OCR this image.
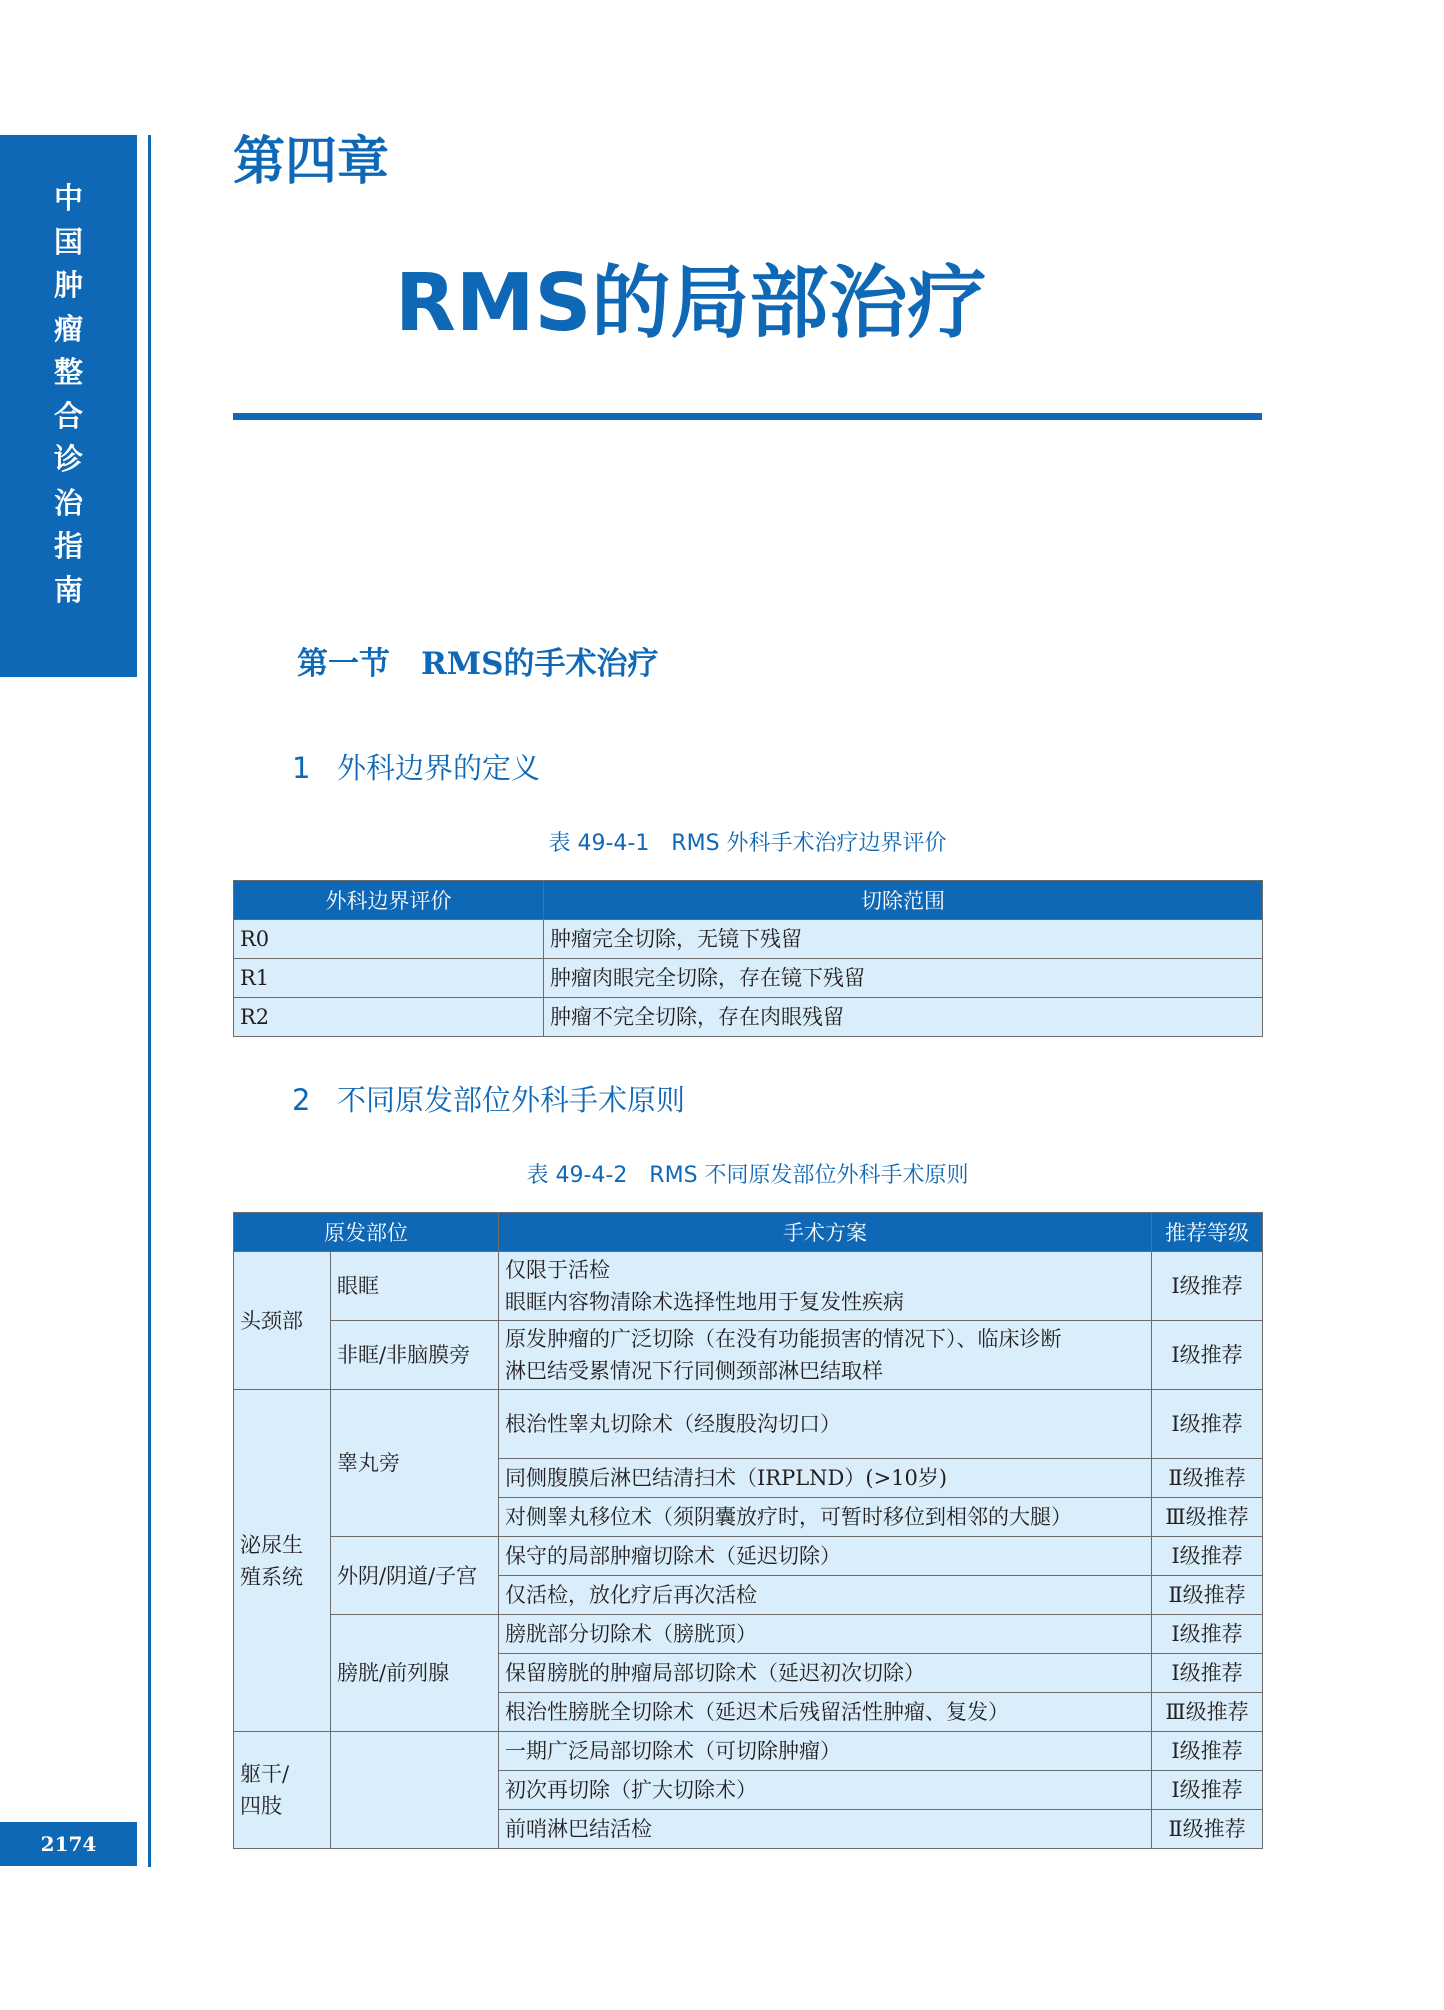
中
国
肿
瘤
整
合
诊
治
指
南
2174
第四章
RMS的局部治疗
第一节　RMS的手术治疗
1 外科边界的定义
表 49-4-1　RMS 外科手术治疗边界评价
外科边界评价	切除范围
R0	肿瘤完全切除，无镜下残留
R1	肿瘤肉眼完全切除，存在镜下残留
R2	肿瘤不完全切除，存在肉眼残留
2 不同原发部位外科手术原则
表 49-4-2　RMS 不同原发部位外科手术原则
原发部位		手术方案	推荐等级
头颈部	眼眶	仅限于活检
眼眶内容物清除术选择性地用于复发性疾病	Ⅰ级推荐
	非眶/非脑膜旁	原发肿瘤的广泛切除（在没有功能损害的情况下）、临床诊断
淋巴结受累情况下行同侧颈部淋巴结取样	Ⅰ级推荐

泌尿生
殖系统	睾丸旁	根治性睾丸切除术（经腹股沟切口）	Ⅰ级推荐
		同侧腹膜后淋巴结清扫术（IRPLND）(>10岁)	Ⅱ级推荐
		对侧睾丸移位术（须阴囊放疗时，可暂时移位到相邻的大腿）	Ⅲ级推荐
	外阴/阴道/子宫	保守的局部肿瘤切除术（延迟切除）	Ⅰ级推荐
		仅活检，放化疗后再次活检	Ⅱ级推荐
	膀胱/前列腺	膀胱部分切除术（膀胱顶）	Ⅰ级推荐
		保留膀胱的肿瘤局部切除术（延迟初次切除）	Ⅰ级推荐
		根治性膀胱全切除术（延迟术后残留活性肿瘤、复发）	Ⅲ级推荐

躯干/
四肢		一期广泛局部切除术（可切除肿瘤）	Ⅰ级推荐
		初次再切除（扩大切除术）	Ⅰ级推荐
		前哨淋巴结活检	Ⅱ级推荐
